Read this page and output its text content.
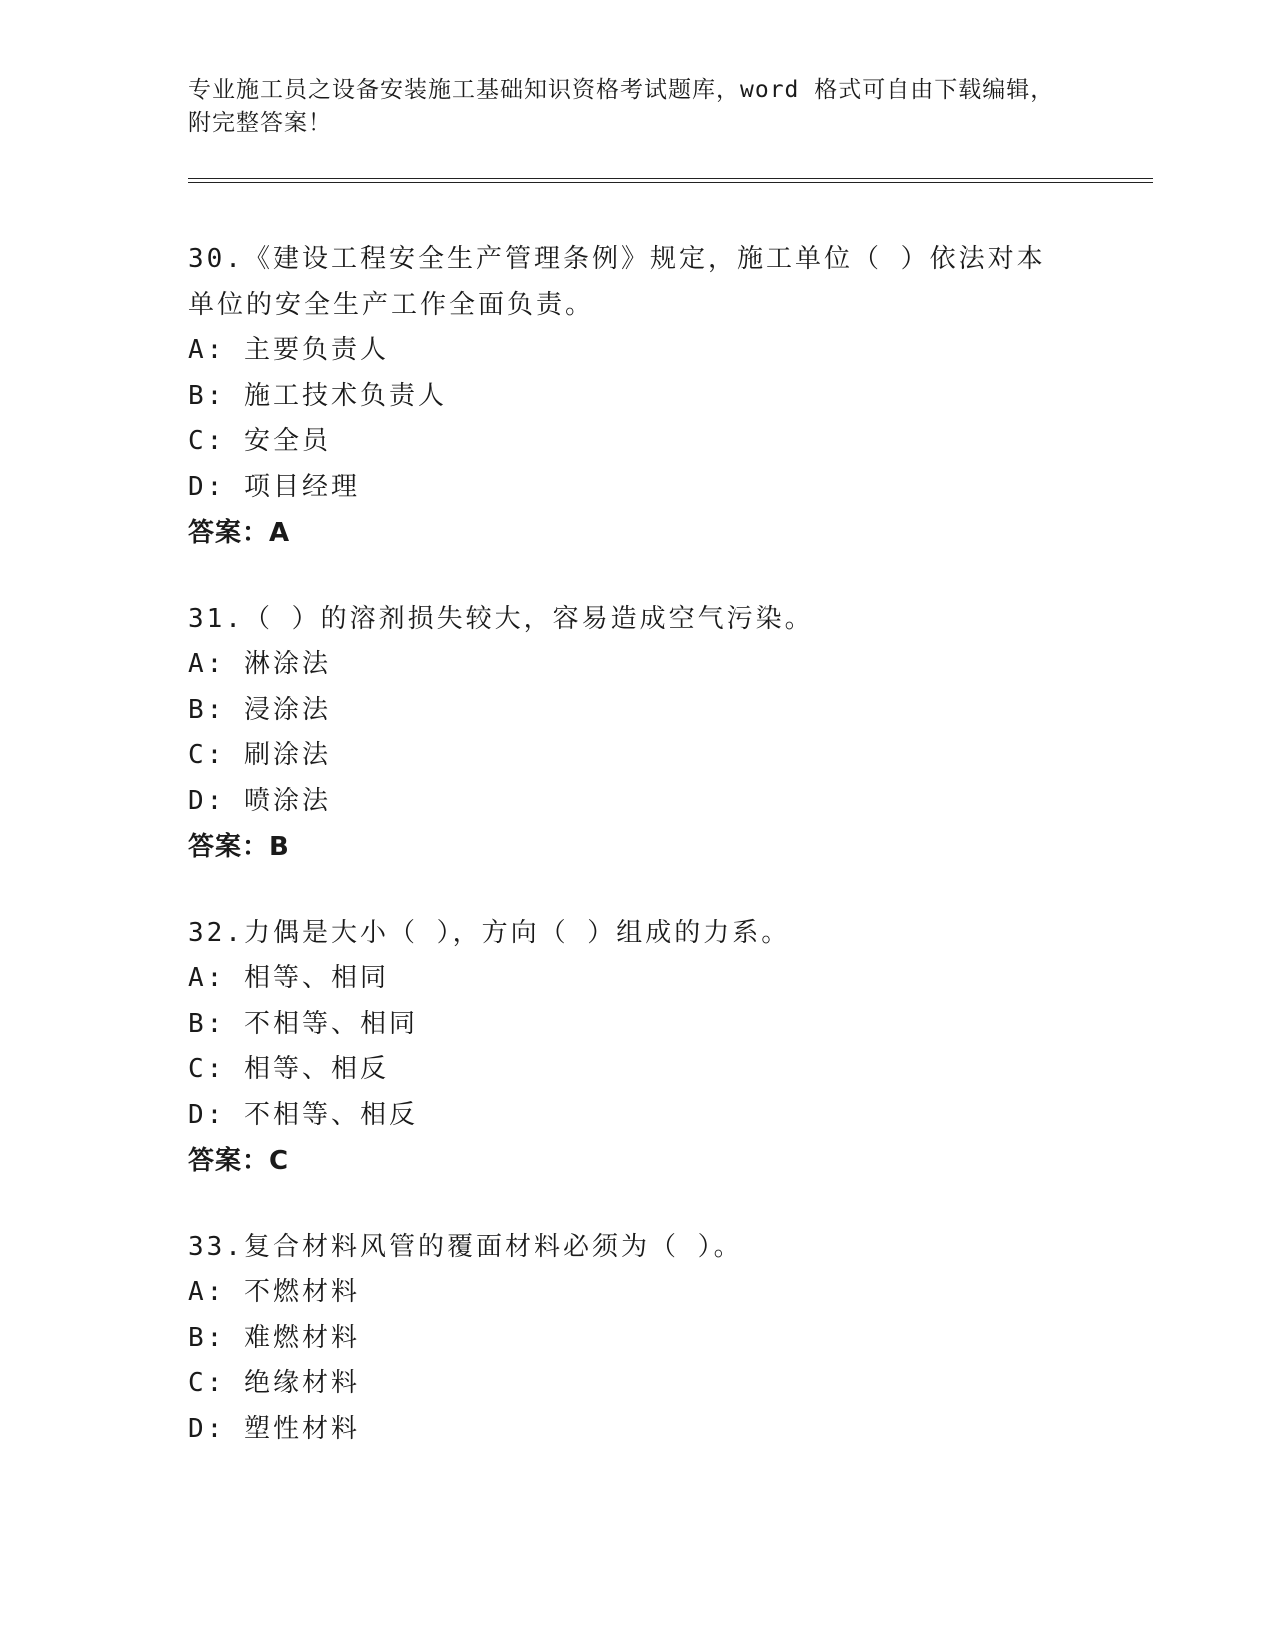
专业施工员之设备安装施工基础知识资格考试题库，word 格式可自由下载编辑，
附完整答案！
30.《建设工程安全生产管理条例》规定，施工单位（ ）依法对本单位的安全生产工作全面负责。
A: 主要负责人
B: 施工技术负责人
C: 安全员
D: 项目经理
答案：A
31.（ ）的溶剂损失较大，容易造成空气污染。
A: 淋涂法
B: 浸涂法
C: 刷涂法
D: 喷涂法
答案：B
32.力偶是大小（ ），方向（ ）组成的力系。
A: 相等、相同
B: 不相等、相同
C: 相等、相反
D: 不相等、相反
答案：C
33.复合材料风管的覆面材料必须为（ ）。
A: 不燃材料
B: 难燃材料
C: 绝缘材料
D: 塑性材料
